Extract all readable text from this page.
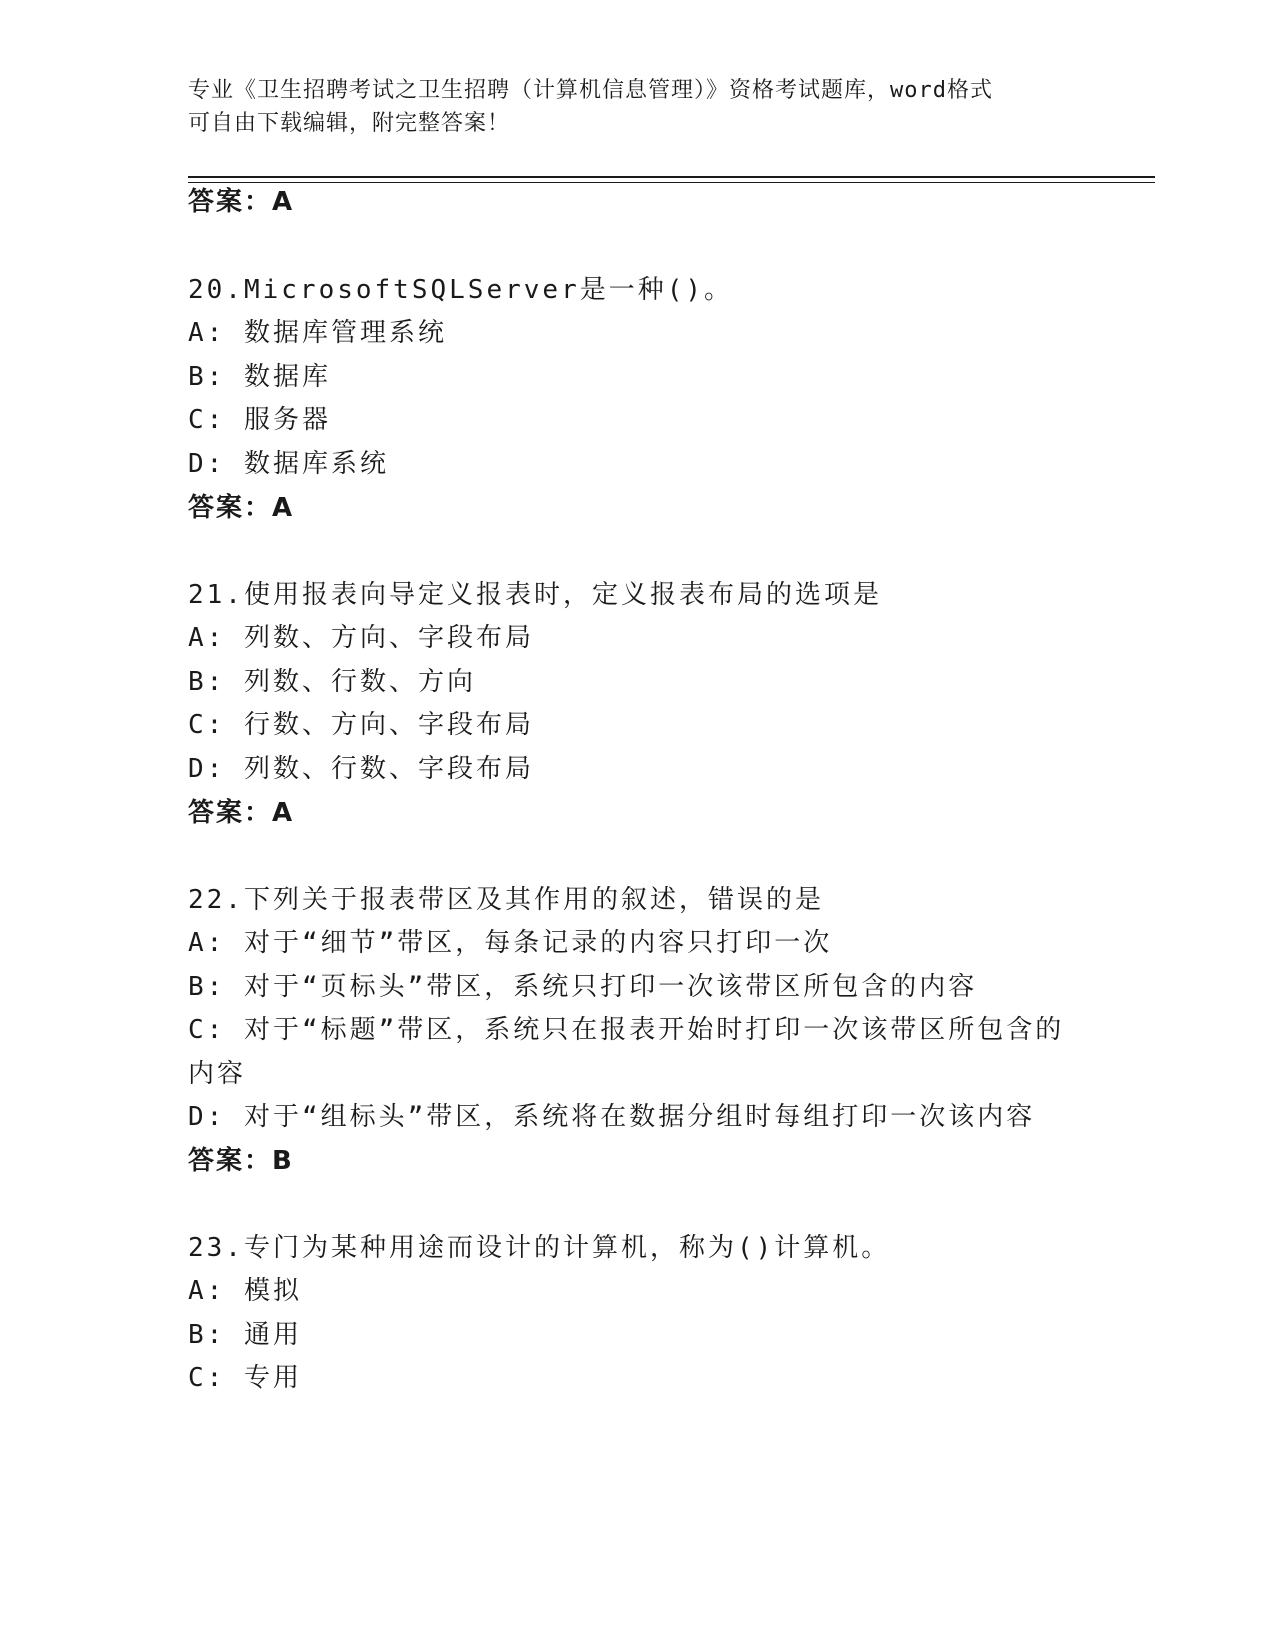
专业《卫生招聘考试之卫生招聘（计算机信息管理）》资格考试题库，word格式
可自由下载编辑，附完整答案！
答案：A
20.MicrosoftSQLServer是一种()。
A: 数据库管理系统
B: 数据库
C: 服务器
D: 数据库系统
答案：A
21.使用报表向导定义报表时，定义报表布局的选项是
A: 列数、方向、字段布局
B: 列数、行数、方向
C: 行数、方向、字段布局
D: 列数、行数、字段布局
答案：A
22.下列关于报表带区及其作用的叙述，错误的是
A: 对于“细节”带区，每条记录的内容只打印一次
B: 对于“页标头”带区，系统只打印一次该带区所包含的内容
C: 对于“标题”带区，系统只在报表开始时打印一次该带区所包含的
内容
D: 对于“组标头”带区，系统将在数据分组时每组打印一次该内容
答案：B
23.专门为某种用途而设计的计算机，称为()计算机。
A: 模拟
B: 通用
C: 专用
